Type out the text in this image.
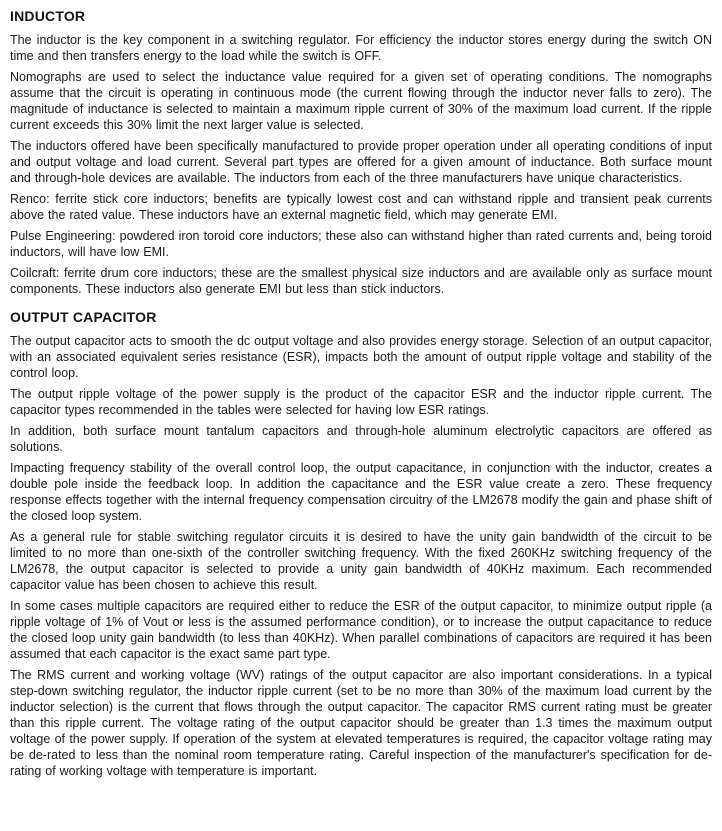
INDUCTOR

The inductor is the key component in a switching regulator. For efficiency the inductor stores energy during the switch ON time and then transfers energy to the load while the switch is OFF.

Nomographs are used to select the inductance value required for a given set of operating conditions. The nomographs assume that the circuit is operating in continuous mode (the current flowing through the inductor never falls to zero). The magnitude of inductance is selected to maintain a maximum ripple current of 30% of the maximum load current. If the ripple current exceeds this 30% limit the next larger value is selected.

The inductors offered have been specifically manufactured to provide proper operation under all operating conditions of input and output voltage and load current. Several part types are offered for a given amount of inductance. Both surface mount and through-hole devices are available. The inductors from each of the three manufacturers have unique characteristics.

Renco: ferrite stick core inductors; benefits are typically lowest cost and can withstand ripple and transient peak currents above the rated value. These inductors have an external magnetic field, which may generate EMI.

Pulse Engineering: powdered iron toroid core inductors; these also can withstand higher than rated currents and, being toroid inductors, will have low EMI.

Coilcraft: ferrite drum core inductors; these are the smallest physical size inductors and are available only as surface mount components. These inductors also generate EMI but less than stick inductors.

OUTPUT CAPACITOR

The output capacitor acts to smooth the dc output voltage and also provides energy storage. Selection of an output capacitor, with an associated equivalent series resistance (ESR), impacts both the amount of output ripple voltage and stability of the control loop.

The output ripple voltage of the power supply is the product of the capacitor ESR and the inductor ripple current. The capacitor types recommended in the tables were selected for having low ESR ratings.

In addition, both surface mount tantalum capacitors and through-hole aluminum electrolytic capacitors are offered as solutions.

Impacting frequency stability of the overall control loop, the output capacitance, in conjunction with the inductor, creates a double pole inside the feedback loop. In addition the capacitance and the ESR value create a zero. These frequency response effects together with the internal frequency compensation circuitry of the LM2678 modify the gain and phase shift of the closed loop system.

As a general rule for stable switching regulator circuits it is desired to have the unity gain bandwidth of the circuit to be limited to no more than one-sixth of the controller switching frequency. With the fixed 260KHz switching frequency of the LM2678, the output capacitor is selected to provide a unity gain bandwidth of 40KHz maximum. Each recommended capacitor value has been chosen to achieve this result.

In some cases multiple capacitors are required either to reduce the ESR of the output capacitor, to minimize output ripple (a ripple voltage of 1% of Vout or less is the assumed performance condition), or to increase the output capacitance to reduce the closed loop unity gain bandwidth (to less than 40KHz). When parallel combinations of capacitors are required it has been assumed that each capacitor is the exact same part type.

The RMS current and working voltage (WV) ratings of the output capacitor are also important considerations. In a typical step-down switching regulator, the inductor ripple current (set to be no more than 30% of the maximum load current by the inductor selection) is the current that flows through the output capacitor. The capacitor RMS current rating must be greater than this ripple current. The voltage rating of the output capacitor should be greater than 1.3 times the maximum output voltage of the power supply. If operation of the system at elevated temperatures is required, the capacitor voltage rating may be de-rated to less than the nominal room temperature rating. Careful inspection of the manufacturer's specification for de-rating of working voltage with temperature is important.
